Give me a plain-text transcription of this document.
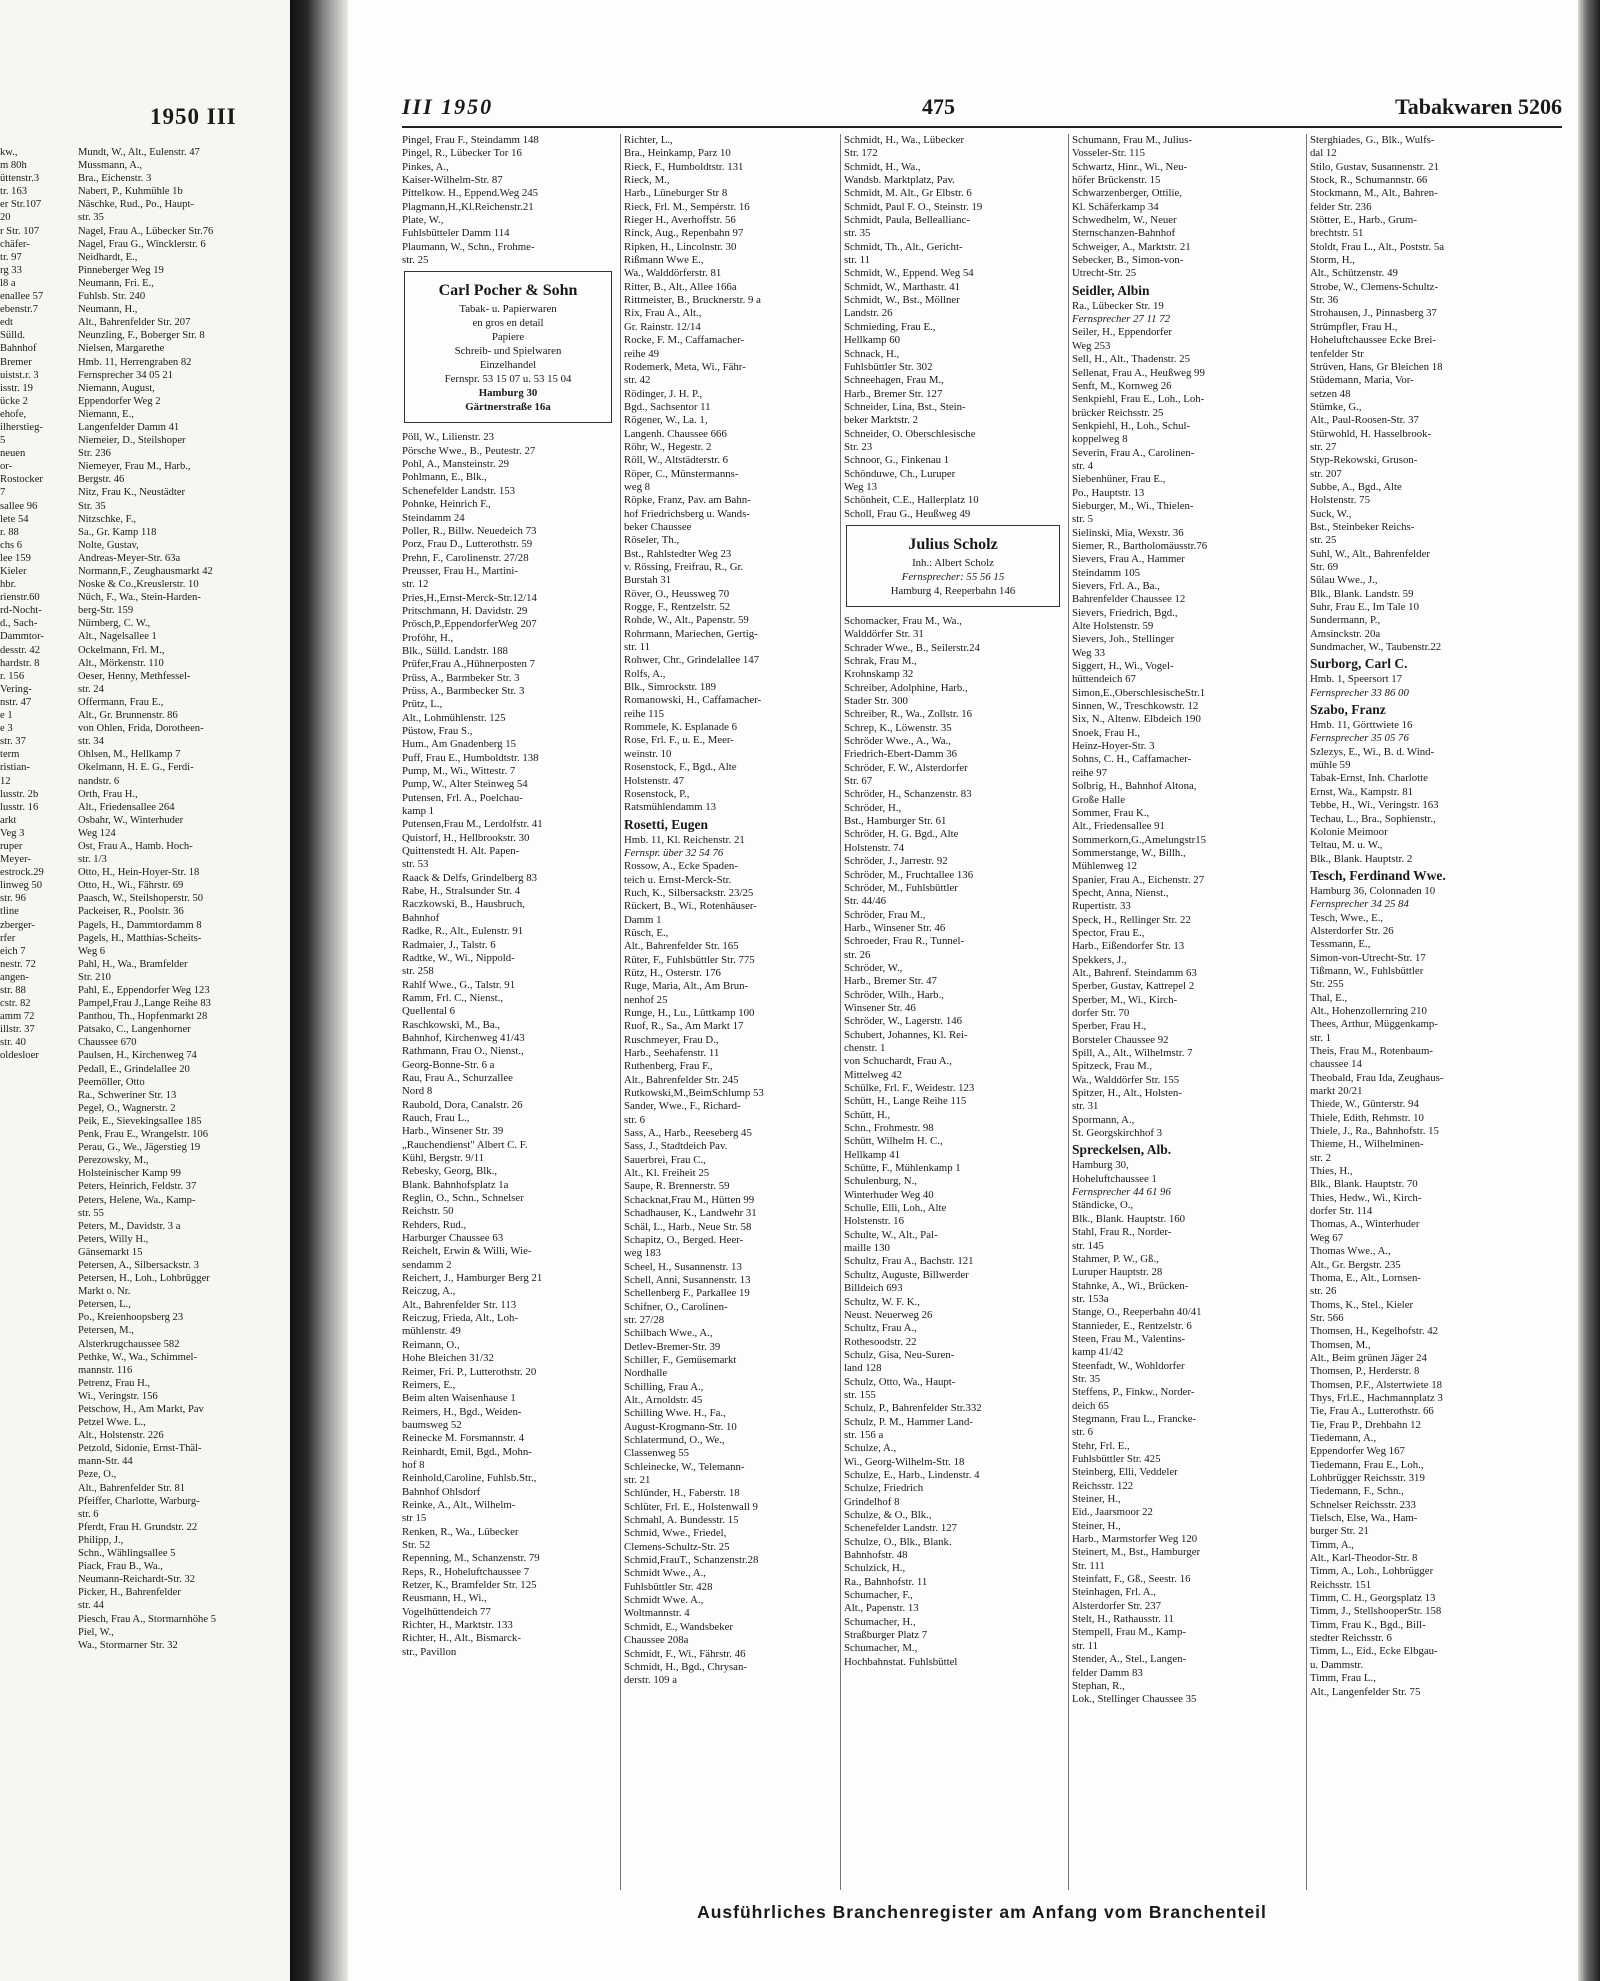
1950 III
kw.,
m 80h
üttenstr.3
tr. 163
er Str.107
20
r Str. 107
chäfer-
tr. 97
rg 33
l8 a
enallee 57
ebenstr.7
edt
Sülld.
Bahnhof
Bremer
uistst.r. 3
isstr. 19
ücke 2
ehofe,
ilherstieg-
5
neuen
or-
Rostocker
7
sallee 96
lete 54
r. 88
chs 6
lee 159
Kieler
hbr.
rienstr.60
rd-Nocht-
d., Sach-
Dammtor-
desstr. 42
hardstr. 8
r. 156
Vering-
nstr. 47
e 1
e 3
str. 37
term
ristian-
12
lusstr. 2b
lusstr. 16
arkt
Veg 3
ruper
Meyer-
estrock.29
linweg 50
str. 96
tline
zberger-
rfer
eich 7
nestr. 72
angen-
str. 88
cstr. 82
amm 72
illstr. 37
str. 40
oldesloer
Mundt, W., Alt., Eulenstr. 47
Mussmann, A.,
Bra., Eichenstr. 3
Nabert, P., Kuhmühle 1b
Näschke, Rud., Po., Haupt-
str. 35
Nagel, Frau A., Lübecker Str.76
Nagel, Frau G., Wincklerstr. 6
Neidhardt, E.,
Pinneberger Weg 19
Neumann, Fri. E.,
Fuhlsb. Str. 240
Neumann, H.,
Alt., Bahrenfelder Str. 207
Neunzling, F., Boberger Str. 8
Nielsen, Margarethe
Hmb. 11, Herrengraben 82
Fernsprecher 34 05 21
Niemann, August,
Eppendorfer Weg 2
Niemann, E.,
Langenfelder Damm 41
Niemeier, D., Steilshoper
Str. 236
Niemeyer, Frau M., Harb.,
Bergstr. 46
Nitz, Frau K., Neustädter
Str. 35
Nitzschke, F.,
Sa., Gr. Kamp 118
Nolte, Gustav,
Andreas-Meyer-Str. 63a
Normann,F., Zeughausmarkt 42
Noske & Co.,Kreuslerstr. 10
Nüch, F., Wa., Stein-Harden-
berg-Str. 159
Nürnberg, C. W.,
Alt., Nagelsallee 1
Ockelmann, Frl. M.,
Alt., Mörkenstr. 110
Oeser, Henny, Methfessel-
str. 24
Offermann, Frau E.,
Alt., Gr. Brunnenstr. 86
von Ohlen, Frida, Dorotheen-
str. 34
Ohlsen, M., Hellkamp 7
Okelmann, H. E. G., Ferdi-
nandstr. 6
Orth, Frau H.,
Alt., Friedensallee 264
Osbahr, W., Winterhuder
Weg 124
Ost, Frau A., Hamb. Hoch-
str. 1/3
Otto, H., Hein-Hoyer-Str. 18
Otto, H., Wi., Fährstr. 69
Paasch, W., Steilshoperstr. 50
Packeiser, R., Poolstr. 36
Pagels, H., Dammtordamm 8
Pagels, H., Matthias-Scheits-
Weg 6
Pahl, H., Wa., Bramfelder
Str. 210
Pahl, E., Eppendorfer Weg 123
Pampel,Frau J.,Lange Reihe 83
Panthou, Th., Hopfenmarkt 28
Patsako, C., Langenhorner
Chaussee 670
Paulsen, H., Kirchenweg 74
Pedall, E., Grindelallee 20
Peemöller, Otto
Ra., Schweriner Str. 13
Pegel, O., Wagnerstr. 2
Peik, E., Sievekingsallee 185
Penk, Frau E., Wrangelstr. 106
Perau, G., We., Jägerstieg 19
Perezowsky, M.,
Holsteinischer Kamp 99
Peters, Heinrich, Feldstr. 37
Peters, Helene, Wa., Kamp-
str. 55
Peters, M., Davidstr. 3 a
Peters, Willy H.,
Gänsemarkt 15
Petersen, A., Silbersackstr. 3
Petersen, H., Loh., Lohbrügger
Markt o. Nr.
Petersen, L.,
Po., Kreienhoopsberg 23
Petersen, M.,
Alsterkrugchaussee 582
Pethke, W., Wa., Schimmel-
mannstr. 116
Petrenz, Frau H.,
Wi., Veringstr. 156
Petschow, H., Am Markt, Pav
Petzel Wwe. L.,
Alt., Holstenstr. 226
Petzold, Sidonie, Ernst-Thäl-
mann-Str. 44
Peze, O.,
Alt., Bahrenfelder Str. 81
Pfeiffer, Charlotte, Warburg-
str. 6
Pferdt, Frau H. Grundstr. 22
Philipp, J.,
Schn., Wählingsallee 5
Piack, Frau B., Wa.,
Neumann-Reichardt-Str. 32
Picker, H., Bahrenfelder
str. 44
Piesch, Frau A., Stormarnhöhe 5
Piel, W.,
Wa., Stormarner Str. 32
III 1950	475	Tabakwaren 5206
Pingel, Frau F., Steindamm 148
Pingel, R., Lübecker Tor 16
Pinkes, A.,
Kaiser-Wilhelm-Str. 87
Pittelkow. H., Eppend.Weg 245
Plagmann,H.,Kl.Reichenstr.21
Plate, W.,
Fuhlsbütteler Damm 114
Plaumann, W., Schn., Frohme-
str. 25
Carl Pocher & Sohn
Tabak- u. Papierwaren
en gros en detail
Papiere
Schreib- und Spielwaren
Einzelhandel
Fernspr. 53 15 07 u. 53 15 04
Hamburg 30
Gärtnerstraße 16a
Pöll, W., Lilienstr. 23
Pörsche Wwe., B., Peutestr. 27
Pohl, A., Mansteinstr. 29
Pohlmann, E., Blk.,
Schenefelder Landstr. 153
Pohnke, Heinrich F.,
Steindamm 24
Poller, R., Billw. Neuedeich 73
Porz, Frau D., Lutterothstr. 59
Prehn, F., Carolinenstr. 27/28
Preusser, Frau H., Martini-
str. 12
Pries,H.,Ernst-Merck-Str.12/14
Pritschmann, H. Davidstr. 29
Prösch,P.,EppendorferWeg 207
Profóhr, H.,
Blk., Sülld. Landstr. 188
Prüfer,Frau A.,Hühnerposten 7
Prüss, A., Barmbeker Str. 3
Prüss, A., Barmbecker Str. 3
Prütz, L.,
Alt., Lohmühlenstr. 125
Püstow, Frau S.,
Hum., Am Gnadenberg 15
Puff, Frau E., Humboldtstr. 138
Pump, M., Wi., Wittestr. 7
Pump, W., Alter Steinweg 54
Putensen, Frl. A., Poelchau-
kamp 1
Putensen,Frau M., Lerdolfstr. 41
Quistorf, H., Hellbrookstr. 30
Quittenstedt H. Alt. Papen-
str. 53
Raack & Delfs, Grindelberg 83
Rabe, H., Stralsunder Str. 4
Raczkowski, B., Hausbruch,
Bahnhof
Radke, R., Alt., Eulenstr. 91
Radmaier, J., Talstr. 6
Radtke, W., Wi., Nippold-
str. 258
Rahlf Wwe., G., Talstr. 91
Ramm, Frl. C., Nienst.,
Quellental 6
Raschkowski, M., Ba.,
Bahnhof, Kirchenweg 41/43
Rathmann, Frau O., Nienst.,
Georg-Bonne-Str. 6 a
Rau, Frau A., Schurzallee
Nord 8
Raubold, Dora, Canalstr. 26
Rauch, Frau L.,
Harb., Winsener Str. 39
„Rauchendienst" Albert C. F.
Kühl, Bergstr. 9/11
Rebesky, Georg, Blk.,
Blank. Bahnhofsplatz 1a
Reglin, O., Schn., Schnelser
Reichstr. 50
Rehders, Rud.,
Harburger Chaussee 63
Reichelt, Erwin & Willi, Wie-
sendamm 2
Reichert, J., Hamburger Berg 21
Reiczug, A.,
Alt., Bahrenfelder Str. 113
Reiczug, Frieda, Alt., Loh-
mühlenstr. 49
Reimann, O.,
Hohe Bleichen 31/32
Reimer, Fri. P., Lutterothstr. 20
Reimers, E.,
Beim alten Waisenhause 1
Reimers, H., Bgd., Weiden-
baumsweg 52
Reinecke M. Forsmannstr. 4
Reinhardt, Emil, Bgd., Mohn-
hof 8
Reinhold,Caroline, Fuhlsb.Str.,
Bahnhof Ohlsdorf
Reinke, A., Alt., Wilhelm-
str 15
Renken, R., Wa., Lübecker
Str. 52
Repenning, M., Schanzenstr. 79
Reps, R., Hoheluftchaussee 7
Retzer, K., Bramfelder Str. 125
Reusmann, H., Wi.,
Vogelhüttendeich 77
Richter, H., Marktstr. 133
Richter, H., Alt., Bismarck-
str., Pavillon
Richter, L.,
Bra., Heinkamp, Parz 10
Rieck, F., Humboldtstr. 131
Rieck, M.,
Harb., Lüneburger Str 8
Rieck, Frl. M., Sempérstr. 16
Rieger H., Averhoffstr. 56
Rinck, Aug., Repenbahn 97
Ripken, H., Lincolnstr. 30
Rißmann Wwe E.,
Wa., Walddörferstr. 81
Ritter, B., Alt., Allee 166a
Rittmeister, B., Brucknerstr. 9 a
Rix, Frau A., Alt.,
Gr. Rainstr. 12/14
Rocke, F. M., Caffamacher-
reihe 49
Rodemerk, Meta, Wi., Fähr-
str. 42
Rödinger, J. H. P.,
Bgd., Sachsentor 11
Rögener, W., La. 1,
Langenh. Chaussee 666
Röhr, W., Hegestr. 2
Röll, W., Altstädterstr. 6
Röper, C., Münstermanns-
weg 8
Röpke, Franz, Pav. am Bahn-
hof Friedrichsberg u. Wands-
beker Chaussee
Röseler, Th.,
Bst., Rahlstedter Weg 23
v. Rössing, Freifrau, R., Gr.
Burstah 31
Röver, O., Heussweg 70
Rogge, F., Rentzelstr. 52
Rohde, W., Alt., Papenstr. 59
Rohrmann, Mariechen, Gertig-
str. 11
Rohwer, Chr., Grindelallee 147
Rolfs, A.,
Blk., Simrockstr. 189
Romanowski, H., Caffamacher-
reihe 115
Rommele, K. Esplanade 6
Rose, Frl. F., u. E., Meer-
weinstr. 10
Rosenstock, F., Bgd., Alte
Holstenstr. 47
Rosenstock, P.,
Ratsmühlendamm 13
Rosetti, Eugen
Hmb. 11, Kl. Reichenstr. 21
Fernspr. über 32 54 76
Rossow, A., Ecke Spaden-
teich u. Ernst-Merck-Str.
Ruch, K., Silbersackstr. 23/25
Rückert, B., Wi., Rotenhäuser-
Damm 1
Rüsch, E.,
Alt., Bahrenfelder Str. 165
Rüter, F., Fuhlsbüttler Str. 775
Rütz, H., Osterstr. 176
Ruge, Maria, Alt., Am Brun-
nenhof 25
Runge, H., Lu., Lüttkamp 100
Ruof, R., Sa., Am Markt 17
Ruschmeyer, Frau D.,
Harb., Seehafenstr. 11
Ruthenberg, Frau F.,
Alt., Bahrenfelder Str. 245
Rutkowski,M.,BeimSchlump 53
Sander, Wwe., F., Richard-
str. 6
Sass, A., Harb., Reeseberg 45
Sass, J., Stadtdeich Pav.
Sauerbrei, Frau C.,
Alt., Kl. Freiheit 25
Saupe, R. Brennerstr. 59
Schacknat,Frau M., Hütten 99
Schadhauser, K., Landwehr 31
Schäl, L., Harb., Neue Str. 58
Schapitz, O., Berged. Heer-
weg 183
Scheel, H., Susannenstr. 13
Schell, Anni, Susannenstr. 13
Schellenberg F., Parkallee 19
Schifner, O., Carolinen-
str. 27/28
Schilbach Wwe., A.,
Detlev-Bremer-Str. 39
Schiller, F., Gemüsemarkt
Nordhalle
Schilling, Frau A.,
Alt., Arnoldstr. 45
Schilling Wwe. H., Fa.,
August-Krogmann-Str. 10
Schlatermund, O., We.,
Classenweg 55
Schleinecke, W., Telemann-
str. 21
Schlünder, H., Faberstr. 18
Schlüter, Frl. E., Holstenwall 9
Schmahl, A. Bundesstr. 15
Schmid, Wwe., Friedel,
Clemens-Schultz-Str. 25
Schmid,FrauT., Schanzenstr.28
Schmidt Wwe., A.,
Fuhlsbüttler Str. 428
Schmidt Wwe. A.,
Woltmannstr. 4
Schmidt, E., Wandsbeker
Chaussee 208a
Schmidt, F., Wi., Fährstr. 46
Schmidt, H., Bgd., Chrysan-
derstr. 109 a
Schmidt, H., Wa., Lübecker
Str. 172
Schmidt, H., Wa.,
Wandsb. Marktplatz, Pav.
Schmidt, M. Alt., Gr Elbstr. 6
Schmidt, Paul F. O., Steinstr. 19
Schmidt, Paula, Belleallianc-
str. 35
Schmidt, Th., Alt., Gericht-
str. 11
Schmidt, W., Eppend. Weg 54
Schmidt, W., Marthastr. 41
Schmidt, W., Bst., Möllner
Landstr. 26
Schmieding, Frau E.,
Hellkamp 60
Schnack, H.,
Fuhlsbüttler Str. 302
Schneehagen, Frau M.,
Harb., Bremer Str. 127
Schneider, Lina, Bst., Stein-
beker Marktstr. 2
Schneider, O. Oberschlesische
Str. 23
Schnoor, G., Finkenau 1
Schönduwe, Ch., Luruper
Weg 13
Schönheit, C.E., Hallerplatz 10
Scholl, Frau G., Heußweg 49
Julius Scholz
Inh.: Albert Scholz
Fernsprecher: 55 56 15
Hamburg 4, Reeperbahn 146
Schomacker, Frau M., Wa.,
Walddörfer Str. 31
Schrader Wwe., B., Seilerstr.24
Schrak, Frau M.,
Krohnskamp 32
Schreiber, Adolphine, Harb.,
Stader Str. 300
Schreiber, R., Wa., Zollstr. 16
Schrep, K., Löwenstr. 35
Schröder Wwe., A., Wa.,
Friedrich-Ebert-Damm 36
Schröder, F. W., Alsterdorfer
Str. 67
Schröder, H., Schanzenstr. 83
Schröder, H.,
Bst., Hamburger Str. 61
Schröder, H. G. Bgd., Alte
Holstenstr. 74
Schröder, J., Jarrestr. 92
Schröder, M., Fruchtallee 136
Schröder, M., Fuhlsbüttler
Str. 44/46
Schröder, Frau M.,
Harb., Winsener Str. 46
Schroeder, Frau R., Tunnel-
str. 26
Schröder, W.,
Harb., Bremer Str. 47
Schröder, Wilh., Harb.,
Winsener Str. 46
Schröder, W., Lagerstr. 146
Schubert, Johannes, Kl. Rei-
chenstr. 1
von Schuchardt, Frau A.,
Mittelweg 42
Schülke, Frl. F., Weidestr. 123
Schütt, H., Lange Reihe 115
Schütt, H.,
Schn., Frohmestr. 98
Schütt, Wilhelm H. C.,
Hellkamp 41
Schütte, F., Mühlenkamp 1
Schulenburg, N.,
Winterhuder Weg 40
Schulle, Elli, Loh., Alte
Holstenstr. 16
Schulte, W., Alt., Pal-
maille 130
Schultz, Frau A., Bachstr. 121
Schultz, Auguste, Billwerder
Billdeich 693
Schultz, W. F. K.,
Neust. Neuerweg 26
Schultz, Frau A.,
Rothesoodstr. 22
Schulz, Gisa, Neu-Suren-
land 128
Schulz, Otto, Wa., Haupt-
str. 155
Schulz, P., Bahrenfelder Str.332
Schulz, P. M., Hammer Land-
str. 156 a
Schulze, A.,
Wi., Georg-Wilhelm-Str. 18
Schulze, E., Harb., Lindenstr. 4
Schulze, Friedrich
Grindelhof 8
Schulze, & O., Blk.,
Schenefelder Landstr. 127
Schulze, O., Blk., Blank.
Bahnhofstr. 48
Schulzick, H.,
Ra., Bahnhofstr. 11
Schumacher, F.,
Alt., Papenstr. 13
Schumacher, H.,
Straßburger Platz 7
Schumacher, M.,
Hochbahnstat. Fuhlsbüttel
Schumann, Frau M., Julius-
Vosseler-Str. 115
Schwartz, Hinr., Wi., Neu-
höfer Brückenstr. 15
Schwarzenberger, Ottilie,
Kl. Schäferkamp 34
Schwedhelm, W., Neuer
Sternschanzen-Bahnhof
Schweiger, A., Marktstr. 21
Sebecker, B., Simon-von-
Utrecht-Str. 25
Seidler, Albin
Ra., Lübecker Str. 19
Fernsprecher 27 11 72
Seiler, H., Eppendorfer
Weg 253
Sell, H., Alt., Thadenstr. 25
Sellenat, Frau A., Heußweg 99
Senft, M., Kornweg 26
Senkpiehl, Frau E., Loh., Loh-
brücker Reichsstr. 25
Senkpiehl, H., Loh., Schul-
koppelweg 8
Severin, Frau A., Carolinen-
str. 4
Siebenhüner, Frau E.,
Po., Hauptstr. 13
Sieburger, M., Wi., Thielen-
str. 5
Sielinski, Mia, Wexstr. 36
Siemer, R., Bartholomäusstr.76
Sievers, Frau A., Hammer
Steindamm 105
Sievers, Frl. A., Ba.,
Bahrenfelder Chaussee 12
Sievers, Friedrich, Bgd.,
Alte Holstenstr. 59
Sievers, Joh., Stellinger
Weg 33
Siggert, H., Wi., Vogel-
hüttendeich 67
Simon,E.,OberschlesischeStr.1
Sinnen, W., Treschkowstr. 12
Six, N., Altenw. Elbdeich 190
Snoek, Frau H.,
Heinz-Hoyer-Str. 3
Sohns, C. H., Caffamacher-
reihe 97
Solbrig, H., Bahnhof Altona,
Große Halle
Sommer, Frau K.,
Alt., Friedensallee 91
Sommerkorn,G.,Amelungstr15
Sommerstange, W., Billh.,
Mühlenweg 12
Spanier, Frau A., Eichenstr. 27
Specht, Anna, Nienst.,
Rupertistr. 33
Speck, H., Rellinger Str. 22
Spector, Frau E.,
Harb., Eißendorfer Str. 13
Spekkers, J.,
Alt., Bahrenf. Steindamm 63
Sperber, Gustav, Kattrepel 2
Sperber, M., Wi., Kirch-
dorfer Str. 70
Sperber, Frau H.,
Borsteler Chaussee 92
Spill, A., Alt., Wilhelmstr. 7
Spitzeck, Frau M.,
Wa., Walddörfer Str. 155
Spitzer, H., Alt., Holsten-
str. 31
Spormann, A.,
St. Georgskirchhof 3
Spreckelsen, Alb.
Hamburg 30,
Hoheluftchaussee 1
Fernsprecher 44 61 96
Ständicke, O.,
Blk., Blank. Hauptstr. 160
Stahl, Frau R., Norder-
str. 145
Stahmer, P. W., Gß.,
Luruper Hauptstr. 28
Stahnke, A., Wi., Brücken-
str. 153a
Stange, O., Reeperbahn 40/41
Stannieder, E., Rentzelstr. 6
Steen, Frau M., Valentins-
kamp 41/42
Steenfadt, W., Wohldorfer
Str. 35
Steffens, P., Finkw., Norder-
deich 65
Stegmann, Frau L., Francke-
str. 6
Stehr, Frl. E.,
Fuhlsbüttler Str. 425
Steinberg, Elli, Veddeler
Reichsstr. 122
Steiner, H.,
Eid., Jaarsmoor 22
Steiner, H.,
Harb., Marmstorfer Weg 120
Steinert, M., Bst., Hamburger
Str. 111
Steinfatt, F., Gß., Seestr. 16
Steinhagen, Frl. A.,
Alsterdorfer Str. 237
Stelt, H., Rathausstr. 11
Stempell, Frau M., Kamp-
str. 11
Stender, A., Stel., Langen-
felder Damm 83
Stephan, R.,
Lok., Stellinger Chaussee 35
Sterghiades, G., Blk., Wulfs-
dal 12
Stilo, Gustav, Susannenstr. 21
Stock, R., Schumannstr. 66
Stockmann, M., Alt., Bahren-
felder Str. 236
Stötter, E., Harb., Grum-
brechtstr. 51
Stoldt, Frau L., Alt., Poststr. 5a
Storm, H.,
Alt., Schützenstr. 49
Strobe, W., Clemens-Schultz-
Str. 36
Strohausen, J., Pinnasberg 37
Strümpfler, Frau H.,
Hoheluftchaussee Ecke Brei-
tenfelder Str
Strüven, Hans, Gr Bleichen 18
Stüdemann, Maria, Vor-
setzen 48
Stümke, G.,
Alt., Paul-Roosen-Str. 37
Stürwohld, H. Hasselbrook-
str. 27
Styp-Rekowski, Gruson-
str. 207
Subbe, A., Bgd., Alte
Holstenstr. 75
Suck, W.,
Bst., Steinbeker Reichs-
str. 25
Suhl, W., Alt., Bahrenfelder
Str. 69
Sülau Wwe., J.,
Blk., Blank. Landstr. 59
Suhr, Frau E., Im Tale 10
Sundermann, P.,
Amsinckstr. 20a
Sundmacher, W., Taubenstr.22
Surborg, Carl C.
Hmb. 1, Speersort 17
Fernsprecher 33 86 00
Szabo, Franz
Hmb. 11, Görttwiete 16
Fernsprecher 35 05 76
Szlezys, E., Wi., B. d. Wind-
mühle 59
Tabak-Ernst, Inh. Charlotte
Ernst, Wa., Kampstr. 81
Tebbe, H., Wi., Veringstr. 163
Techau, L., Bra., Sophienstr.,
Kolonie Meimoor
Teltau, M. u. W.,
Blk., Blank. Hauptstr. 2
Tesch, Ferdinand Wwe.
Hamburg 36, Colonnaden 10
Fernsprecher 34 25 84
Tesch, Wwe., E.,
Alsterdorfer Str. 26
Tessmann, E.,
Simon-von-Utrecht-Str. 17
Tißmann, W., Fuhlsbüttler
Str. 255
Thal, E.,
Alt., Hohenzollernring 210
Thees, Arthur, Müggenkamp-
str. 1
Theis, Frau M., Rotenbaum-
chaussee 14
Theobald, Frau Ida, Zeughaus-
markt 20/21
Thiede, W., Günterstr. 94
Thiele, Edith, Rehmstr. 10
Thiele, J., Ra., Bahnhofstr. 15
Thieme, H., Wilhelminen-
str. 2
Thies, H.,
Blk., Blank. Hauptstr. 70
Thies, Hedw., Wi., Kirch-
dorfer Str. 114
Thomas, A., Winterhuder
Weg 67
Thomas Wwe., A.,
Alt., Gr. Bergstr. 235
Thoma, E., Alt., Lornsen-
str. 26
Thoms, K., Stel., Kieler
Str. 566
Thomsen, H., Kegelhofstr. 42
Thomsen, M.,
Alt., Beim grünen Jäger 24
Thomsen, P., Herderstr. 8
Thomsen, P.F., Alstertwiete 18
Thys, Frl.E., Hachmannplatz 3
Tie, Frau A., Lutterothstr. 66
Tie, Frau P., Drehbahn 12
Tiedemann, A.,
Eppendorfer Weg 167
Tiedemann, Frau E., Loh.,
Lohbrügger Reichsstr. 319
Tiedemann, F., Schn.,
Schnelser Reichsstr. 233
Tielsch, Else, Wa., Ham-
burger Str. 21
Timm, A.,
Alt., Karl-Theodor-Str. 8
Timm, A., Loh., Lohbrügger
Reichsstr. 151
Timm, C. H., Georgsplatz 13
Timm, J., StellshooperStr. 158
Timm, Frau K., Bgd., Bill-
stedter Reichsstr. 6
Timm, L., Eid., Ecke Elbgau-
u. Dammstr.
Timm, Frau L.,
Alt., Langenfelder Str. 75
Ausführliches Branchenregister am Anfang vom Branchenteil
